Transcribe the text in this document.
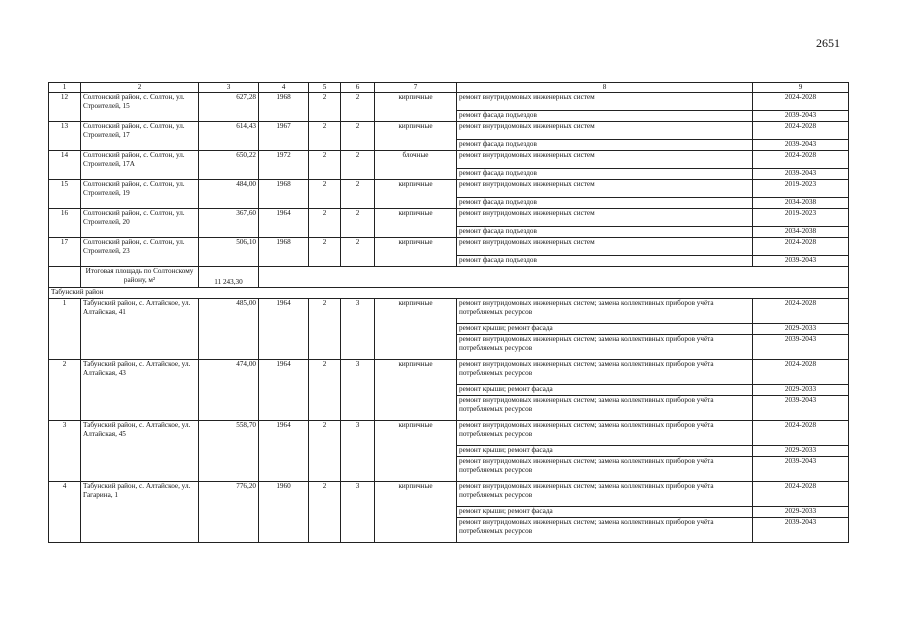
2651
1	2	3	4	5	6	7	8	9
12	Солтонский район, с. Солтон, ул. Строителей, 15	627,28	1968	2	2	кирпичные	ремонт внутридомовых инженерных систем	2024-2028
							ремонт фасада подъездов	2039-2043
13	Солтонский район, с. Солтон, ул. Строителей, 17	614,43	1967	2	2	кирпичные	ремонт внутридомовых инженерных систем	2024-2028
							ремонт фасада подъездов	2039-2043
14	Солтонский район, с. Солтон, ул. Строителей, 17А	650,22	1972	2	2	блочные	ремонт внутридомовых инженерных систем	2024-2028
							ремонт фасада подъездов	2039-2043
15	Солтонский район, с. Солтон, ул. Строителей, 19	484,00	1968	2	2	кирпичные	ремонт внутридомовых инженерных систем	2019-2023
							ремонт фасада подъездов	2034-2038
16	Солтонский район, с. Солтон, ул. Строителей, 20	367,60	1964	2	2	кирпичные	ремонт внутридомовых инженерных систем	2019-2023
							ремонт фасада подъездов	2034-2038
17	Солтонский район, с. Солтон, ул. Строителей, 23	506,10	1968	2	2	кирпичные	ремонт внутридомовых инженерных систем	2024-2028
							ремонт фасада подъездов	2039-2043
	Итоговая площадь по Солтонскому району, м²	11 243,30						
Табунский район								
1	Табунский район, с. Алтайское, ул. Алтайская, 41	485,00	1964	2	3	кирпичные	ремонт внутридомовых инженерных систем; замена коллективных приборов учёта потребляемых ресурсов	2024-2028
							ремонт крыши; ремонт фасада	2029-2033
							ремонт внутридомовых инженерных систем; замена коллективных приборов учёта потребляемых ресурсов	2039-2043
2	Табунский район, с. Алтайское, ул. Алтайская, 43	474,00	1964	2	3	кирпичные	ремонт внутридомовых инженерных систем; замена коллективных приборов учёта потребляемых ресурсов	2024-2028
							ремонт крыши; ремонт фасада	2029-2033
							ремонт внутридомовых инженерных систем; замена коллективных приборов учёта потребляемых ресурсов	2039-2043
3	Табунский район, с. Алтайское, ул. Алтайская, 45	558,70	1964	2	3	кирпичные	ремонт внутридомовых инженерных систем; замена коллективных приборов учёта потребляемых ресурсов	2024-2028
							ремонт крыши; ремонт фасада	2029-2033
							ремонт внутридомовых инженерных систем; замена коллективных приборов учёта потребляемых ресурсов	2039-2043
4	Табунский район, с. Алтайское, ул. Гагарина, 1	776,20	1960	2	3	кирпичные	ремонт внутридомовых инженерных систем; замена коллективных приборов учёта потребляемых ресурсов	2024-2028
							ремонт крыши; ремонт фасада	2029-2033
							ремонт внутридомовых инженерных систем; замена коллективных приборов учёта потребляемых ресурсов	2039-2043
